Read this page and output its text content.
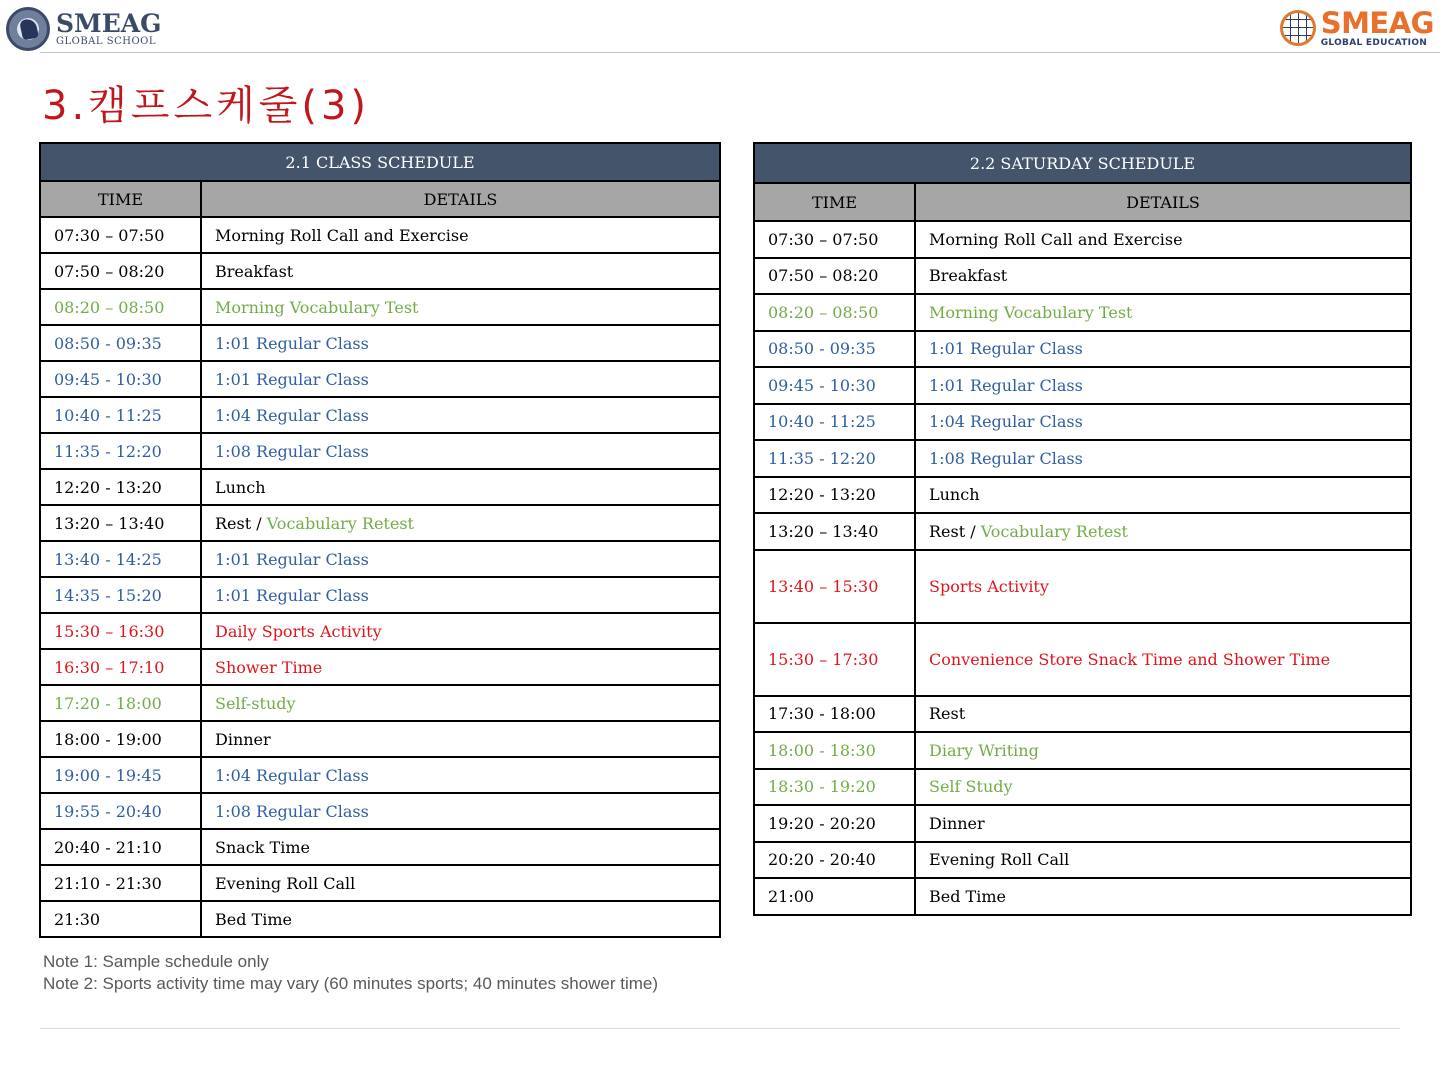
SMEAG
GLOBAL SCHOOL
SMEAG
GLOBAL EDUCATION
3.캠프스케줄(3)
2.1 CLASS SCHEDULE	
TIME	DETAILS
07:30 – 07:50	Morning Roll Call and Exercise
07:50 – 08:20	Breakfast
08:20 – 08:50	Morning Vocabulary Test
08:50 - 09:35	1:01 Regular Class
09:45 - 10:30	1:01 Regular Class
10:40 - 11:25	1:04 Regular Class
11:35 - 12:20	1:08 Regular Class
12:20 - 13:20	Lunch
13:20 – 13:40	Rest / Vocabulary Retest
13:40 - 14:25	1:01 Regular Class
14:35 - 15:20	1:01 Regular Class
15:30 – 16:30	Daily Sports Activity
16:30 – 17:10	Shower Time
17:20 - 18:00	Self-study
18:00 - 19:00	Dinner
19:00 - 19:45	1:04 Regular Class
19:55 - 20:40	1:08 Regular Class
20:40 - 21:10	Snack Time
21:10 - 21:30	Evening Roll Call
21:30	Bed Time
2.2 SATURDAY SCHEDULE	
TIME	DETAILS
07:30 – 07:50	Morning Roll Call and Exercise
07:50 – 08:20	Breakfast
08:20 – 08:50	Morning Vocabulary Test
08:50 - 09:35	1:01 Regular Class
09:45 - 10:30	1:01 Regular Class
10:40 - 11:25	1:04 Regular Class
11:35 - 12:20	1:08 Regular Class
12:20 - 13:20	Lunch
13:20 – 13:40	Rest / Vocabulary Retest
13:40 – 15:30	Sports Activity
15:30 – 17:30	Convenience Store Snack Time and Shower Time
17:30 - 18:00	Rest
18:00 - 18:30	Diary Writing
18:30 - 19:20	Self Study
19:20 - 20:20	Dinner
20:20 - 20:40	Evening Roll Call
21:00	Bed Time
Note 1: Sample schedule only
Note 2: Sports activity time may vary (60 minutes sports; 40 minutes shower time)
